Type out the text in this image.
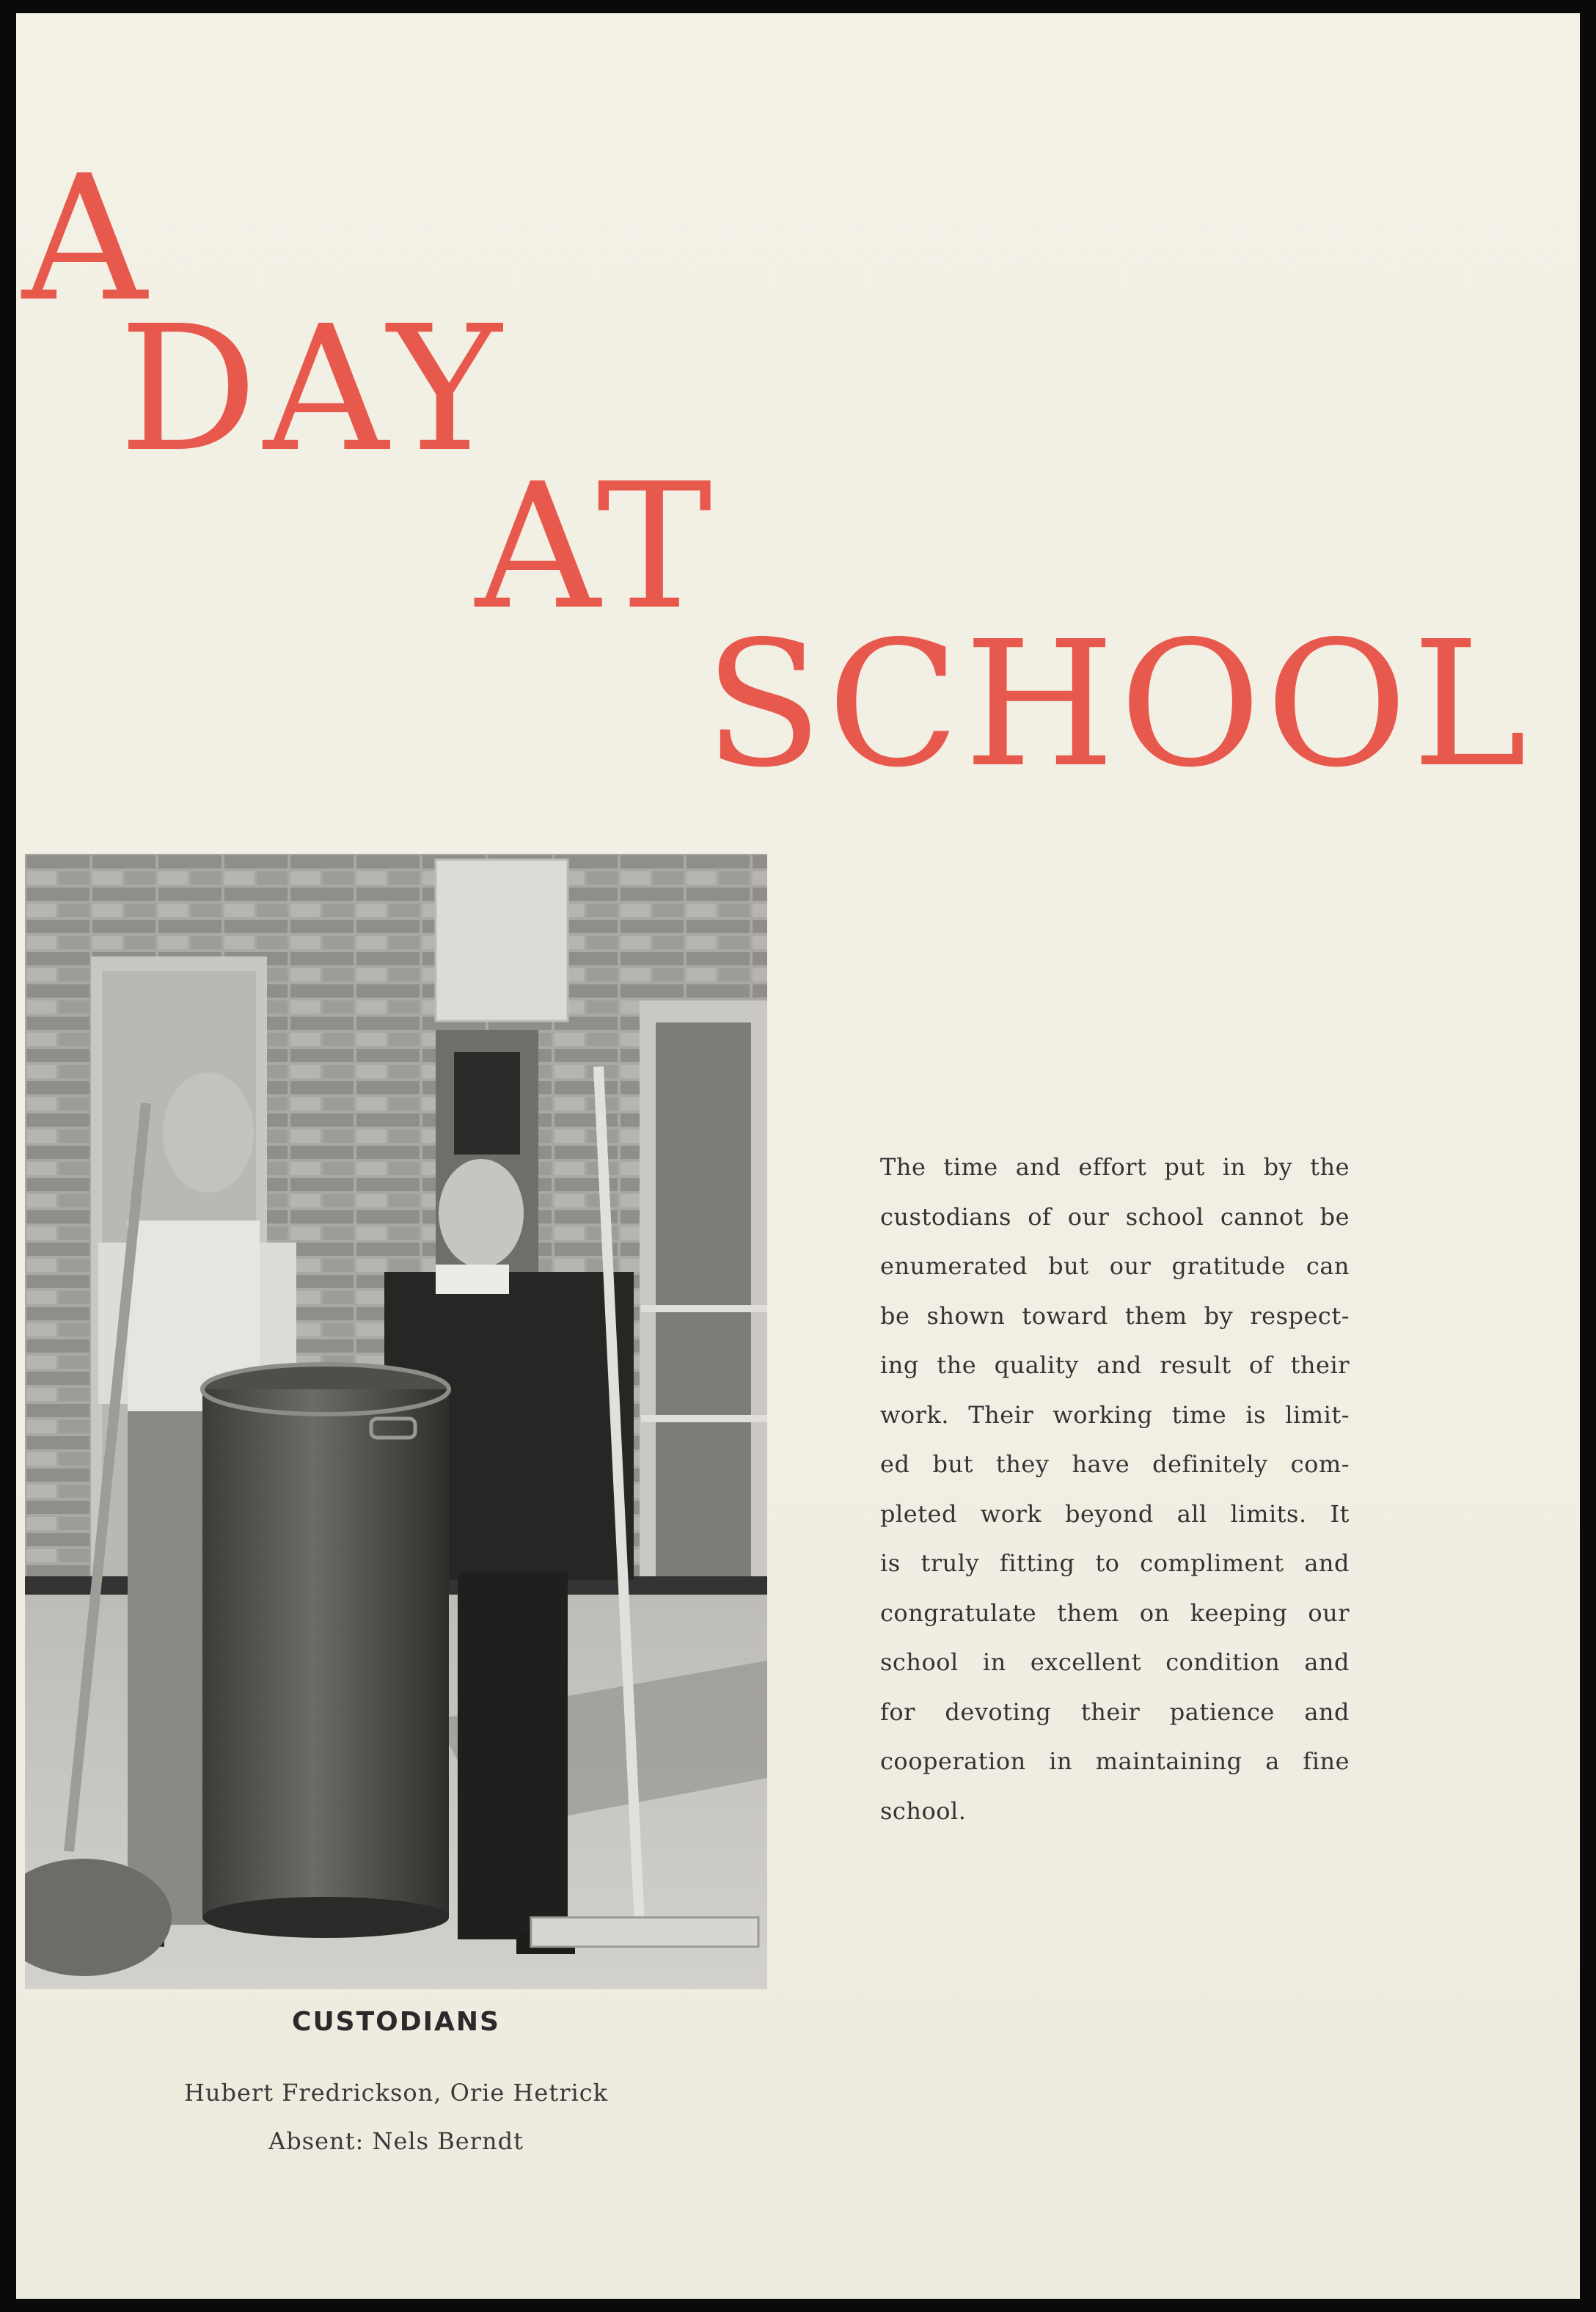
A
DAY
AT
SCHOOL

CUSTODIANS

Hubert Fredrickson, Orie Hetrick

Absent: Nels Berndt

The time and effort put in by the
custodians of our school cannot be
enumerated but our gratitude can
be shown toward them by respect-
ing the quality and result of their
work. Their working time is limit-
ed but they have definitely com-
pleted work beyond all limits. It
is truly fitting to compliment and
congratulate them on keeping our
school in excellent condition and
for devoting their patience and
cooperation in maintaining a fine
school.
